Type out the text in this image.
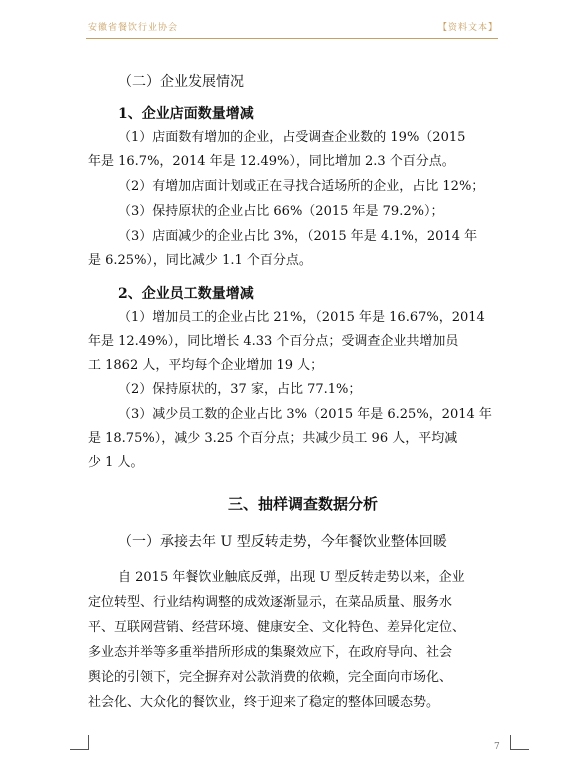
安徽省餐饮行业协会	【资料文本】
（二）企业发展情况
1、企业店面数量增减
（1）店面数有增加的企业，占受调查企业数的 19%（2015
年是 16.7%，2014 年是 12.49%），同比增加 2.3 个百分点。
（2）有增加店面计划或正在寻找合适场所的企业，占比 12%；
（3）保持原状的企业占比 66%（2015 年是 79.2%）；
（3）店面减少的企业占比 3%，（2015 年是 4.1%，2014 年
是 6.25%），同比减少 1.1 个百分点。
2、企业员工数量增减
（1）增加员工的企业占比 21%，（2015 年是 16.67%，2014
年是 12.49%），同比增长 4.33 个百分点；受调查企业共增加员
工 1862 人，平均每个企业增加 19 人；
（2）保持原状的，37 家，占比 77.1%；
（3）减少员工数的企业占比 3%（2015 年是 6.25%，2014 年
是 18.75%），减少 3.25 个百分点；共减少员工 96 人，平均减
少 1 人。
三、抽样调查数据分析
（一）承接去年 U 型反转走势，今年餐饮业整体回暖
自 2015 年餐饮业触底反弹，出现 U 型反转走势以来，企业
定位转型、行业结构调整的成效逐渐显示，在菜品质量、服务水
平、互联网营销、经营环境、健康安全、文化特色、差异化定位、
多业态并举等多重举措所形成的集聚效应下，在政府导向、社会
舆论的引领下，完全摒弃对公款消费的依赖，完全面向市场化、
社会化、大众化的餐饮业，终于迎来了稳定的整体回暖态势。
7
